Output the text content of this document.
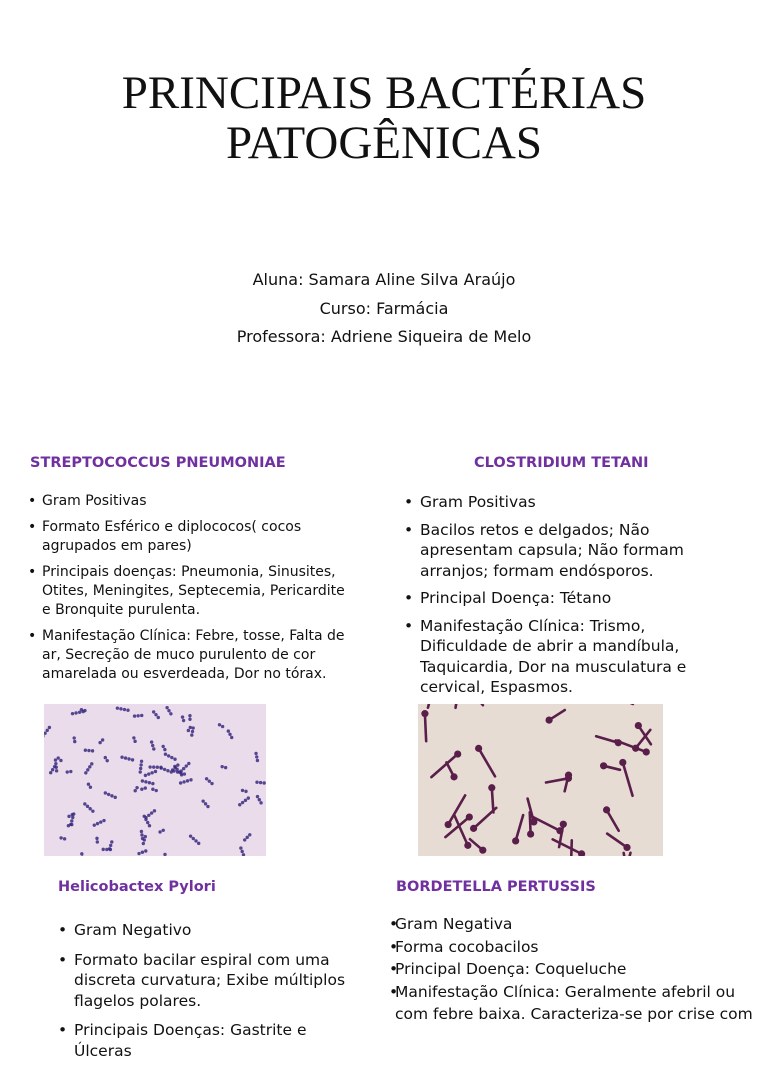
PRINCIPAIS BACTÉRIAS
PATOGÊNICAS
Aluna: Samara Aline Silva Araújo
Curso: Farmácia
Professora: Adriene Siqueira de Melo
STREPTOCOCCUS PNEUMONIAE
• Gram Positivas
• Formato Esférico e diplococos( cocos agrupados em pares)
• Principais doenças: Pneumonia, Sinusites, Otites, Meningites, Septecemia, Pericardite e Bronquite purulenta.
• Manifestação Clínica: Febre, tosse, Falta de ar, Secreção de muco purulento de cor amarelada ou esverdeada, Dor no tórax.
CLOSTRIDIUM TETANI
• Gram Positivas
• Bacilos retos e delgados; Não apresentam capsula; Não formam arranjos; formam endósporos.
• Principal Doença: Tétano
• Manifestação Clínica: Trismo, Dificuldade de abrir a mandíbula, Taquicardia, Dor na musculatura e cervical, Espasmos.
Helicobactex Pylori
• Gram Negativo
• Formato bacilar espiral com uma discreta curvatura; Exibe múltiplos flagelos polares.
• Principais Doenças: Gastrite e Úlceras
BORDETELLA PERTUSSIS
• Gram Negativa
• Forma cocobacilos
• Principal Doença: Coqueluche
• Manifestação Clínica: Geralmente afebril ou com febre baixa. Caracteriza-se por crise com
